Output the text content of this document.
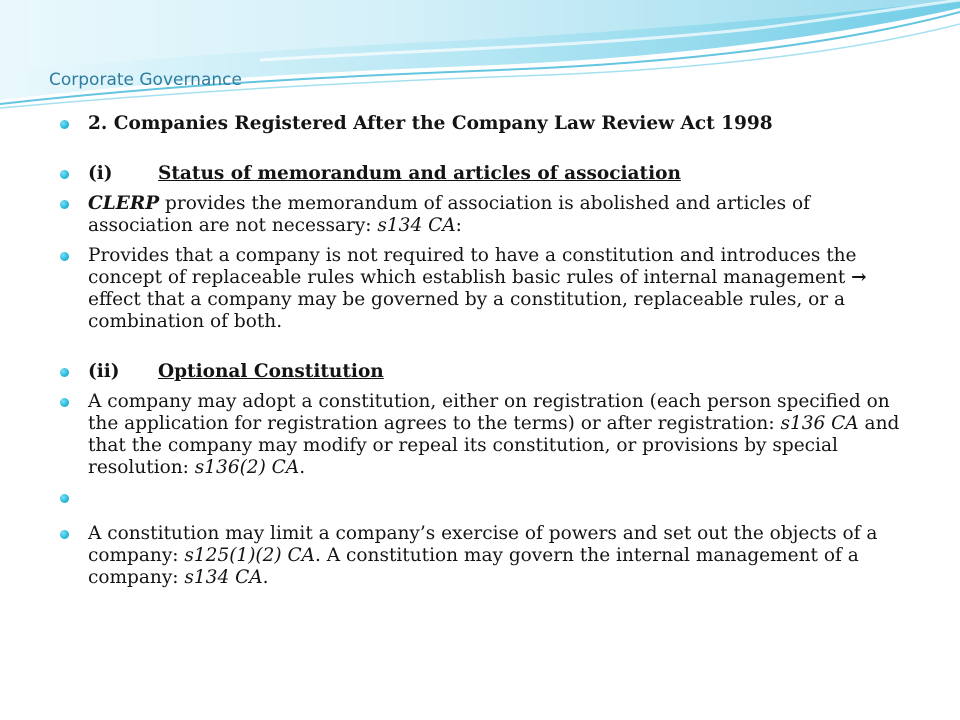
Corporate Governance
2. Companies Registered After the Company Law Review Act 1998
(i) Status of memorandum and articles of association
CLERP provides the memorandum of association is abolished and articles of association are not necessary: s134 CA:
Provides that a company is not required to have a constitution and introduces the concept of replaceable rules which establish basic rules of internal management → effect that a company may be governed by a constitution, replaceable rules, or a combination of both.
(ii) Optional Constitution
A company may adopt a constitution, either on registration (each person specified on the application for registration agrees to the terms) or after registration: s136 CA and that the company may modify or repeal its constitution, or provisions by special resolution: s136(2) CA.
A constitution may limit a company’s exercise of powers and set out the objects of a company: s125(1)(2) CA. A constitution may govern the internal management of a company: s134 CA.
